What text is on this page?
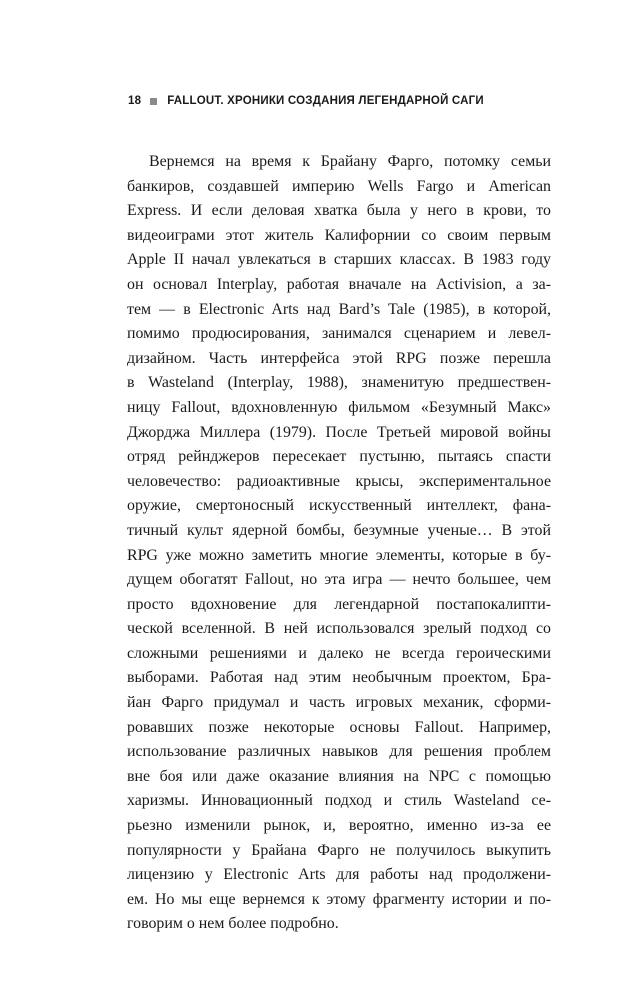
18 FALLOUT. ХРОНИКИ СОЗДАНИЯ ЛЕГЕНДАРНОЙ САГИ
Вернемся на время к Брайану Фарго, потомку семьи
банкиров, создавшей империю Wells Fargo и American
Express. И если деловая хватка была у него в крови, то
видеоиграми этот житель Калифорнии со своим первым
Apple II начал увлекаться в старших классах. В 1983 году
он основал Interplay, работая вначале на Activision, а за-
тем — в Electronic Arts над Bard’s Tale (1985), в которой,
помимо продюсирования, занимался сценарием и левел-
дизайном. Часть интерфейса этой RPG позже перешла
в Wasteland (Interplay, 1988), знаменитую предшествен-
ницу Fallout, вдохновленную фильмом «Безумный Макс»
Джорджа Миллера (1979). После Третьей мировой войны
отряд рейнджеров пересекает пустыню, пытаясь спасти
человечество: радиоактивные крысы, экспериментальное
оружие, смертоносный искусственный интеллект, фана-
тичный культ ядерной бомбы, безумные ученые… В этой
RPG уже можно заметить многие элементы, которые в бу-
дущем обогатят Fallout, но эта игра — нечто большее, чем
просто вдохновение для легендарной постапокалипти-
ческой вселенной. В ней использовался зрелый подход со
сложными решениями и далеко не всегда героическими
выборами. Работая над этим необычным проектом, Бра-
йан Фарго придумал и часть игровых механик, сформи-
ровавших позже некоторые основы Fallout. Например,
использование различных навыков для решения проблем
вне боя или даже оказание влияния на NPC с помощью
харизмы. Инновационный подход и стиль Wasteland се-
рьезно изменили рынок, и, вероятно, именно из-за ее
популярности у Брайана Фарго не получилось выкупить
лицензию у Electronic Arts для работы над продолжени-
ем. Но мы еще вернемся к этому фрагменту истории и по-
говорим о нем более подробно.
